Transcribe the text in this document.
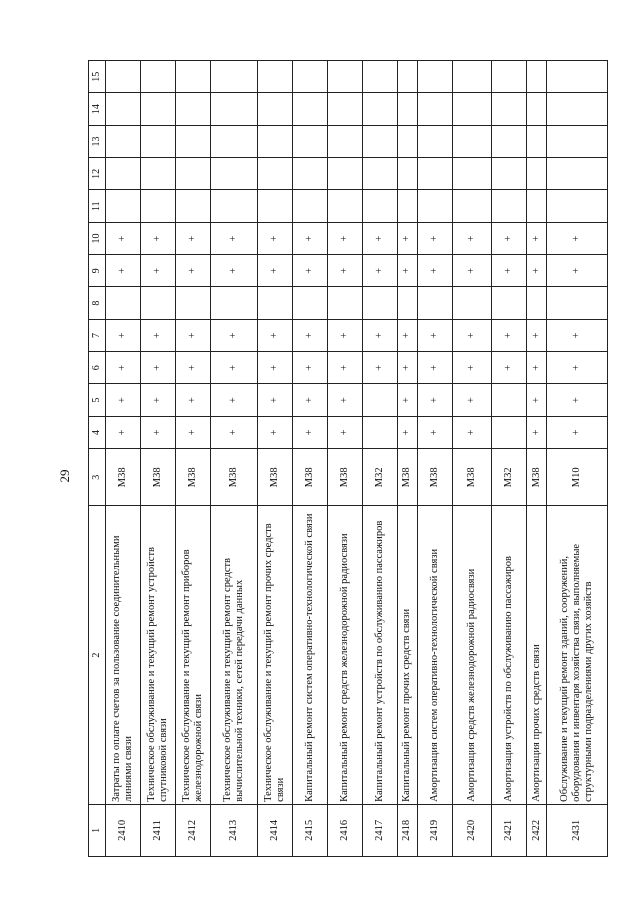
29
1	2	3	4	5	6	7	8	9	10	11	12	13	14	15
2410	Затраты по оплате счетов за пользование соединительными линиями связи	М38	+	+	+	+		+	+					
2411	Техническое обслуживание и текущий ремонт устройств спутниковой связи	М38	+	+	+	+		+	+					
2412	Техническое обслуживание и текущий ремонт приборов железнодорожной связи	М38	+	+	+	+		+	+					
2413	Техническое обслуживание и текущий ремонт средств вычислительной техники, сетей передачи данных	М38	+	+	+	+		+	+					
2414	Техническое обслуживание и текущий ремонт прочих средств связи	М38	+	+	+	+		+	+					
2415	Капитальный ремонт систем оперативно-технологической связи	М38	+	+	+	+		+	+					
2416	Капитальный ремонт средств железнодорожной радиосвязи	М38	+	+	+	+		+	+					
2417	Капитальный ремонт устройств по обслуживанию пассажиров	М32			+	+		+	+					
2418	Капитальный ремонт прочих средств связи	М38	+	+	+	+		+	+					
2419	Амортизация систем оперативно-технологической связи	М38	+	+	+	+		+	+					
2420	Амортизация средств железнодорожной радиосвязи	М38	+	+	+	+		+	+					
2421	Амортизация устройств по обслуживанию пассажиров	М32			+	+		+	+					
2422	Амортизация прочих средств связи	М38	+	+	+	+		+	+					
2431	Обслуживание и текущий ремонт зданий, сооружений, оборудования и инвентаря хозяйства связи, выполняемые структурными подразделениями других хозяйств	М10	+	+	+	+		+	+					
